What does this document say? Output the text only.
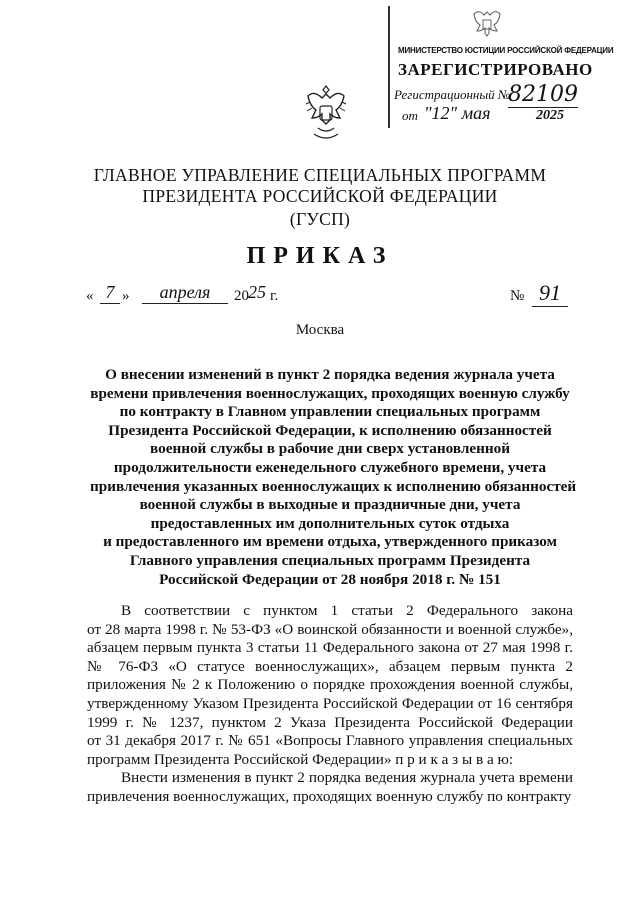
МИНИСТЕРСТВО ЮСТИЦИИ РОССИЙСКОЙ ФЕДЕРАЦИИ
ЗАРЕГИСТРИРОВАНО
Регистрационный №
82109
от "12" мая	2025
ГЛАВНОЕ УПРАВЛЕНИЕ СПЕЦИАЛЬНЫХ ПРОГРАММ
ПРЕЗИДЕНТА РОССИЙСКОЙ ФЕДЕРАЦИИ
(ГУСП)
ПРИКАЗ
« 7 »	апреля	20 25 г.	№ 91
Москва
О внесении изменений в пункт 2 порядка ведения журнала учета
времени привлечения военнослужащих, проходящих военную службу
по контракту в Главном управлении специальных программ
Президента Российской Федерации, к исполнению обязанностей
военной службы в рабочие дни сверх установленной
продолжительности еженедельного служебного времени, учета
привлечения указанных военнослужащих к исполнению обязанностей
военной службы в выходные и праздничные дни, учета
предоставленных им дополнительных суток отдыха
и предоставленного им времени отдыха, утвержденного приказом
Главного управления специальных программ Президента
Российской Федерации от 28 ноября 2018 г. № 151
В соответствии с пунктом 1 статьи 2 Федерального закона
от 28 марта 1998 г. № 53-ФЗ «О воинской обязанности и военной службе»,
абзацем первым пункта 3 статьи 11 Федерального закона от 27 мая 1998 г.
№ 76-ФЗ «О статусе военнослужащих», абзацем первым пункта 2
приложения № 2 к Положению о порядке прохождения военной службы,
утвержденному Указом Президента Российской Федерации от 16 сентября
1999 г. № 1237, пунктом 2 Указа Президента Российской Федерации
от 31 декабря 2017 г. № 651 «Вопросы Главного управления специальных
программ Президента Российской Федерации» п р и к а з ы в а ю:
Внести изменения в пункт 2 порядка ведения журнала учета времени
привлечения военнослужащих, проходящих военную службу по контракту
